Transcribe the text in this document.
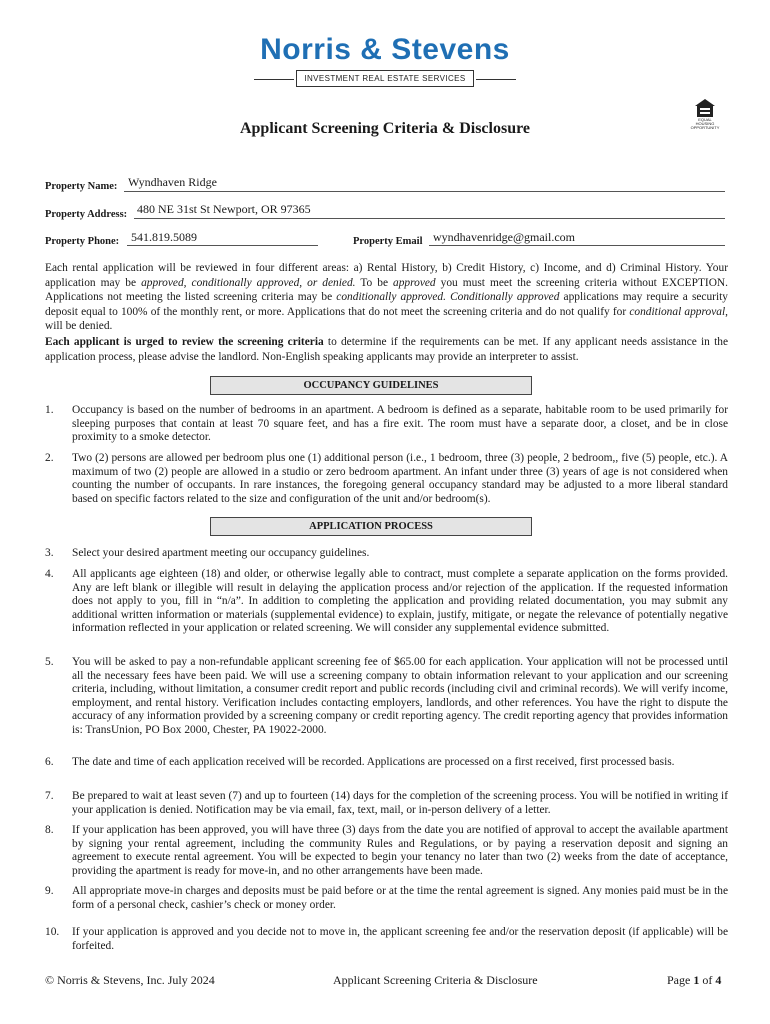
Norris & Stevens
INVESTMENT REAL ESTATE SERVICES
EQUAL HOUSING
OPPORTUNITY
Applicant Screening Criteria & Disclosure
Property Name: Wyndhaven Ridge
Property Address: 480 NE 31st St Newport, OR 97365
Property Phone: 541.819.5089	Property Email wyndhavenridge@gmail.com
Each rental application will be reviewed in four different areas: a) Rental History, b) Credit History, c) Income, and d) Criminal History. Your application may be approved, conditionally approved, or denied. To be approved you must meet the screening criteria without EXCEPTION. Applications not meeting the listed screening criteria may be conditionally approved. Conditionally approved applications may require a security deposit equal to 100% of the monthly rent, or more. Applications that do not meet the screening criteria and do not qualify for conditional approval, will be denied.
Each applicant is urged to review the screening criteria to determine if the requirements can be met. If any applicant needs assistance in the application process, please advise the landlord. Non-English speaking applicants may provide an interpreter to assist.
OCCUPANCY GUIDELINES
1. Occupancy is based on the number of bedrooms in an apartment. A bedroom is defined as a separate, habitable room to be used primarily for sleeping purposes that contain at least 70 square feet, and has a fire exit. The room must have a separate door, a closet, and be in close proximity to a smoke detector.
2. Two (2) persons are allowed per bedroom plus one (1) additional person (i.e., 1 bedroom, three (3) people, 2 bedroom,, five (5) people, etc.). A maximum of two (2) people are allowed in a studio or zero bedroom apartment. An infant under three (3) years of age is not considered when counting the number of occupants. In rare instances, the foregoing general occupancy standard may be adjusted to a more liberal standard based on specific factors related to the size and configuration of the unit and/or bedroom(s).
APPLICATION PROCESS
3. Select your desired apartment meeting our occupancy guidelines.
4. All applicants age eighteen (18) and older, or otherwise legally able to contract, must complete a separate application on the forms provided. Any are left blank or illegible will result in delaying the application process and/or rejection of the application. If the requested information does not apply to you, fill in “n/a”. In addition to completing the application and providing related documentation, you may submit any additional written information or materials (supplemental evidence) to explain, justify, mitigate, or negate the relevance of potentially negative information reflected in your application or related screening. We will consider any supplemental evidence submitted.
5. You will be asked to pay a non-refundable applicant screening fee of $65.00 for each application. Your application will not be processed until all the necessary fees have been paid. We will use a screening company to obtain information relevant to your application and our screening criteria, including, without limitation, a consumer credit report and public records (including civil and criminal records). We will verify income, employment, and rental history. Verification includes contacting employers, landlords, and other references. You have the right to dispute the accuracy of any information provided by a screening company or credit reporting agency. The credit reporting agency that provides information is: TransUnion, PO Box 2000, Chester, PA 19022-2000.
6. The date and time of each application received will be recorded. Applications are processed on a first received, first processed basis.
7. Be prepared to wait at least seven (7) and up to fourteen (14) days for the completion of the screening process. You will be notified in writing if your application is denied. Notification may be via email, fax, text, mail, or in-person delivery of a letter.
8. If your application has been approved, you will have three (3) days from the date you are notified of approval to accept the available apartment by signing your rental agreement, including the community Rules and Regulations, or by paying a reservation deposit and signing an agreement to execute rental agreement. You will be expected to begin your tenancy no later than two (2) weeks from the date of acceptance, providing the apartment is ready for move-in, and no other arrangements have been made.
9. All appropriate move-in charges and deposits must be paid before or at the time the rental agreement is signed. Any monies paid must be in the form of a personal check, cashier’s check or money order.
10. If your application is approved and you decide not to move in, the applicant screening fee and/or the reservation deposit (if applicable) will be forfeited.
© Norris & Stevens, Inc. July 2024	Applicant Screening Criteria & Disclosure	Page 1 of 4
